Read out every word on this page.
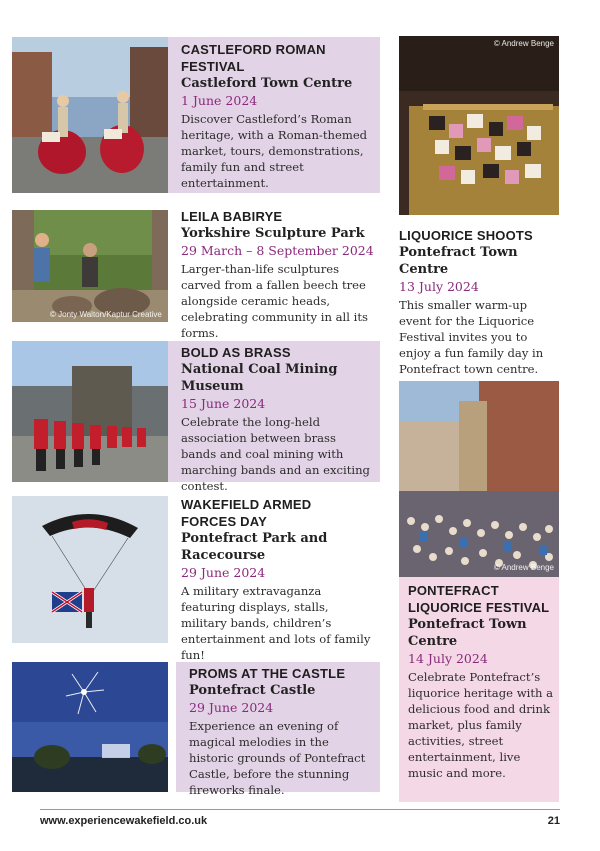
CASTLEFORD ROMAN FESTIVAL

Castleford Town Centre

1 June 2024

Discover Castleford’s Roman heritage, with a Roman-themed market, tours, demonstrations, family fun and street entertainment.

© Jonty Walton/Kaptur Creative

LEILA BABIRYE

Yorkshire Sculpture Park

29 March – 8 September 2024

Larger-than-life sculptures carved from a fallen beech tree alongside ceramic heads, celebrating community in all its forms.

BOLD AS BRASS

National Coal Mining Museum

15 June 2024

Celebrate the long-held association between brass bands and coal mining with marching bands and an exciting contest.

WAKEFIELD ARMED FORCES DAY

Pontefract Park and Racecourse

29 June 2024

A military extravaganza featuring displays, stalls, military bands, children’s entertainment and lots of family fun!

PROMS AT THE CASTLE

Pontefract Castle

29 June 2024

Experience an evening of magical melodies in the historic grounds of Pontefract Castle, before the stunning fireworks finale.

© Andrew Benge

LIQUORICE SHOOTS

Pontefract Town Centre

13 July 2024

This smaller warm-up event for the Liquorice Festival invites you to enjoy a fun family day in Pontefract town centre.

© Andrew Benge

PONTEFRACT LIQUORICE FESTIVAL

Pontefract Town Centre

14 July 2024

Celebrate Pontefract’s liquorice heritage with a delicious food and drink market, plus family activities, street entertainment, live music and more.

www.experiencewakefield.co.uk	21
